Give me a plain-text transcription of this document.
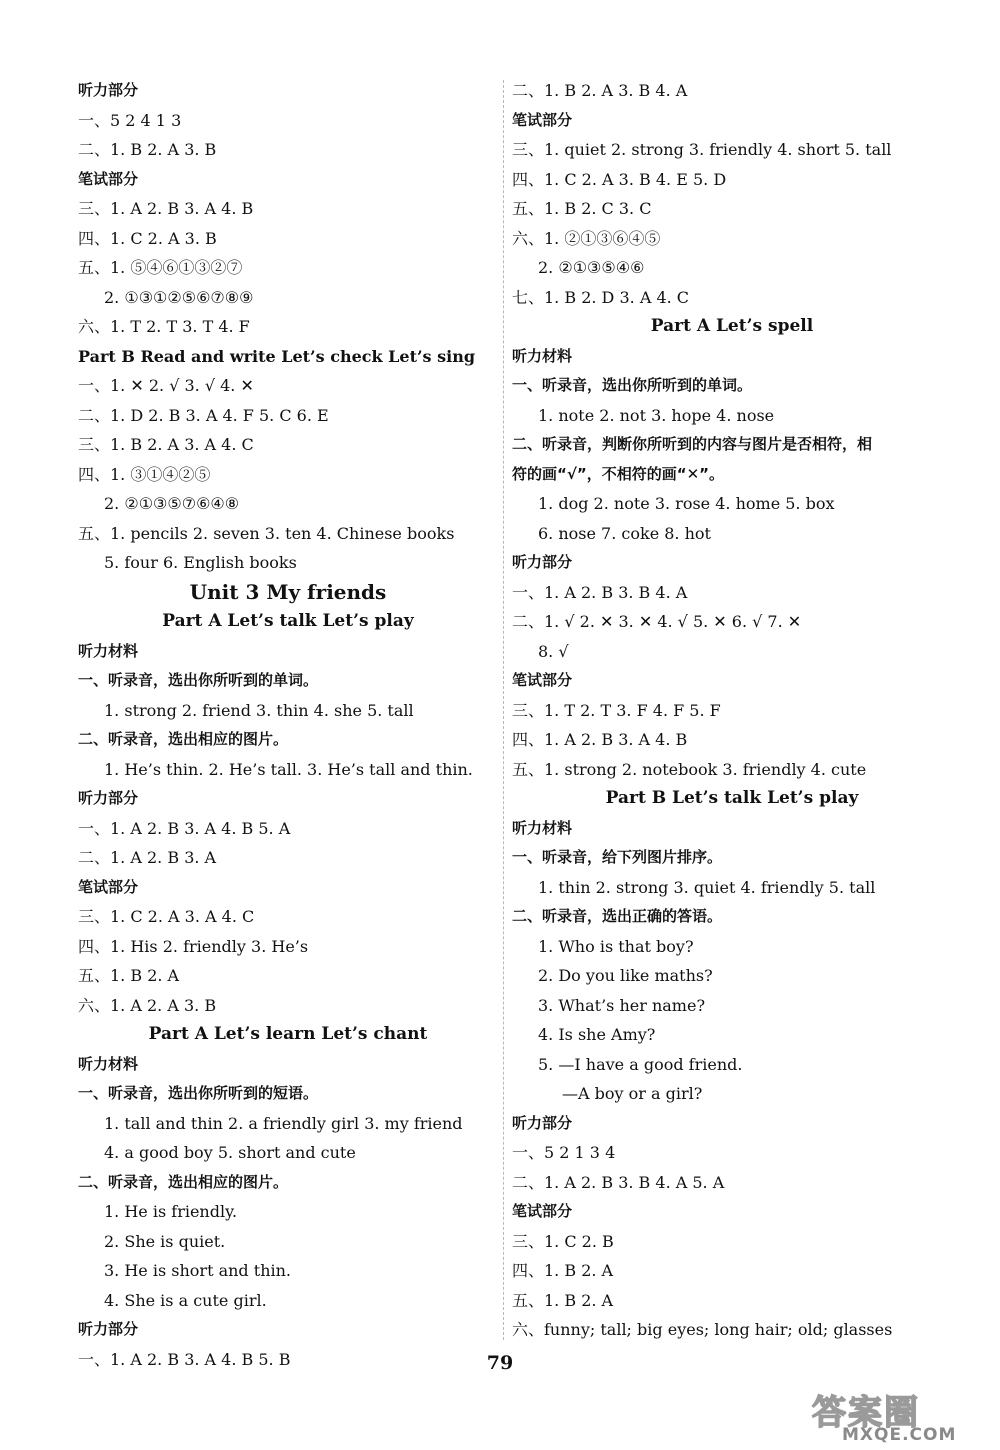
听力部分
一、5 2 4 1 3
二、1. B 2. A 3. B
笔试部分
三、1. A 2. B 3. A 4. B
四、1. C 2. A 3. B
五、1. ⑤④⑥①③②⑦
2. ①③①②⑤⑥⑦⑧⑨
六、1. T 2. T 3. T 4. F
Part B Read and write Let’s check Let’s sing
一、1. ✕ 2. √ 3. √ 4. ✕
二、1. D 2. B 3. A 4. F 5. C 6. E
三、1. B 2. A 3. A 4. C
四、1. ③①④②⑤
2. ②①③⑤⑦⑥④⑧
五、1. pencils 2. seven 3. ten 4. Chinese books
5. four 6. English books
Unit 3 My friends
Part A Let’s talk Let’s play
听力材料
一、听录音，选出你所听到的单词。
1. strong 2. friend 3. thin 4. she 5. tall
二、听录音，选出相应的图片。
1. He’s thin. 2. He’s tall. 3. He’s tall and thin.
听力部分
一、1. A 2. B 3. A 4. B 5. A
二、1. A 2. B 3. A
笔试部分
三、1. C 2. A 3. A 4. C
四、1. His 2. friendly 3. He’s
五、1. B 2. A
六、1. A 2. A 3. B
Part A Let’s learn Let’s chant
听力材料
一、听录音，选出你所听到的短语。
1. tall and thin 2. a friendly girl 3. my friend
4. a good boy 5. short and cute
二、听录音，选出相应的图片。
1. He is friendly.
2. She is quiet.
3. He is short and thin.
4. She is a cute girl.
听力部分
一、1. A 2. B 3. A 4. B 5. B
二、1. B 2. A 3. B 4. A
笔试部分
三、1. quiet 2. strong 3. friendly 4. short 5. tall
四、1. C 2. A 3. B 4. E 5. D
五、1. B 2. C 3. C
六、1. ②①③⑥④⑤
2. ②①③⑤④⑥
七、1. B 2. D 3. A 4. C
Part A Let’s spell
听力材料
一、听录音，选出你所听到的单词。
1. note 2. not 3. hope 4. nose
二、听录音，判断你所听到的内容与图片是否相符，相
符的画“√”，不相符的画“✕”。
1. dog 2. note 3. rose 4. home 5. box
6. nose 7. coke 8. hot
听力部分
一、1. A 2. B 3. B 4. A
二、1. √ 2. ✕ 3. ✕ 4. √ 5. ✕ 6. √ 7. ✕
8. √
笔试部分
三、1. T 2. T 3. F 4. F 5. F
四、1. A 2. B 3. A 4. B
五、1. strong 2. notebook 3. friendly 4. cute
Part B Let’s talk Let’s play
听力材料
一、听录音，给下列图片排序。
1. thin 2. strong 3. quiet 4. friendly 5. tall
二、听录音，选出正确的答语。
1. Who is that boy?
2. Do you like maths?
3. What’s her name?
4. Is she Amy?
5. —I have a good friend.
—A boy or a girl?
听力部分
一、5 2 1 3 4
二、1. A 2. B 3. B 4. A 5. A
笔试部分
三、1. C 2. B
四、1. B 2. A
五、1. B 2. A
六、funny; tall; big eyes; long hair; old; glasses
79
答案圈
MXQE.COM
